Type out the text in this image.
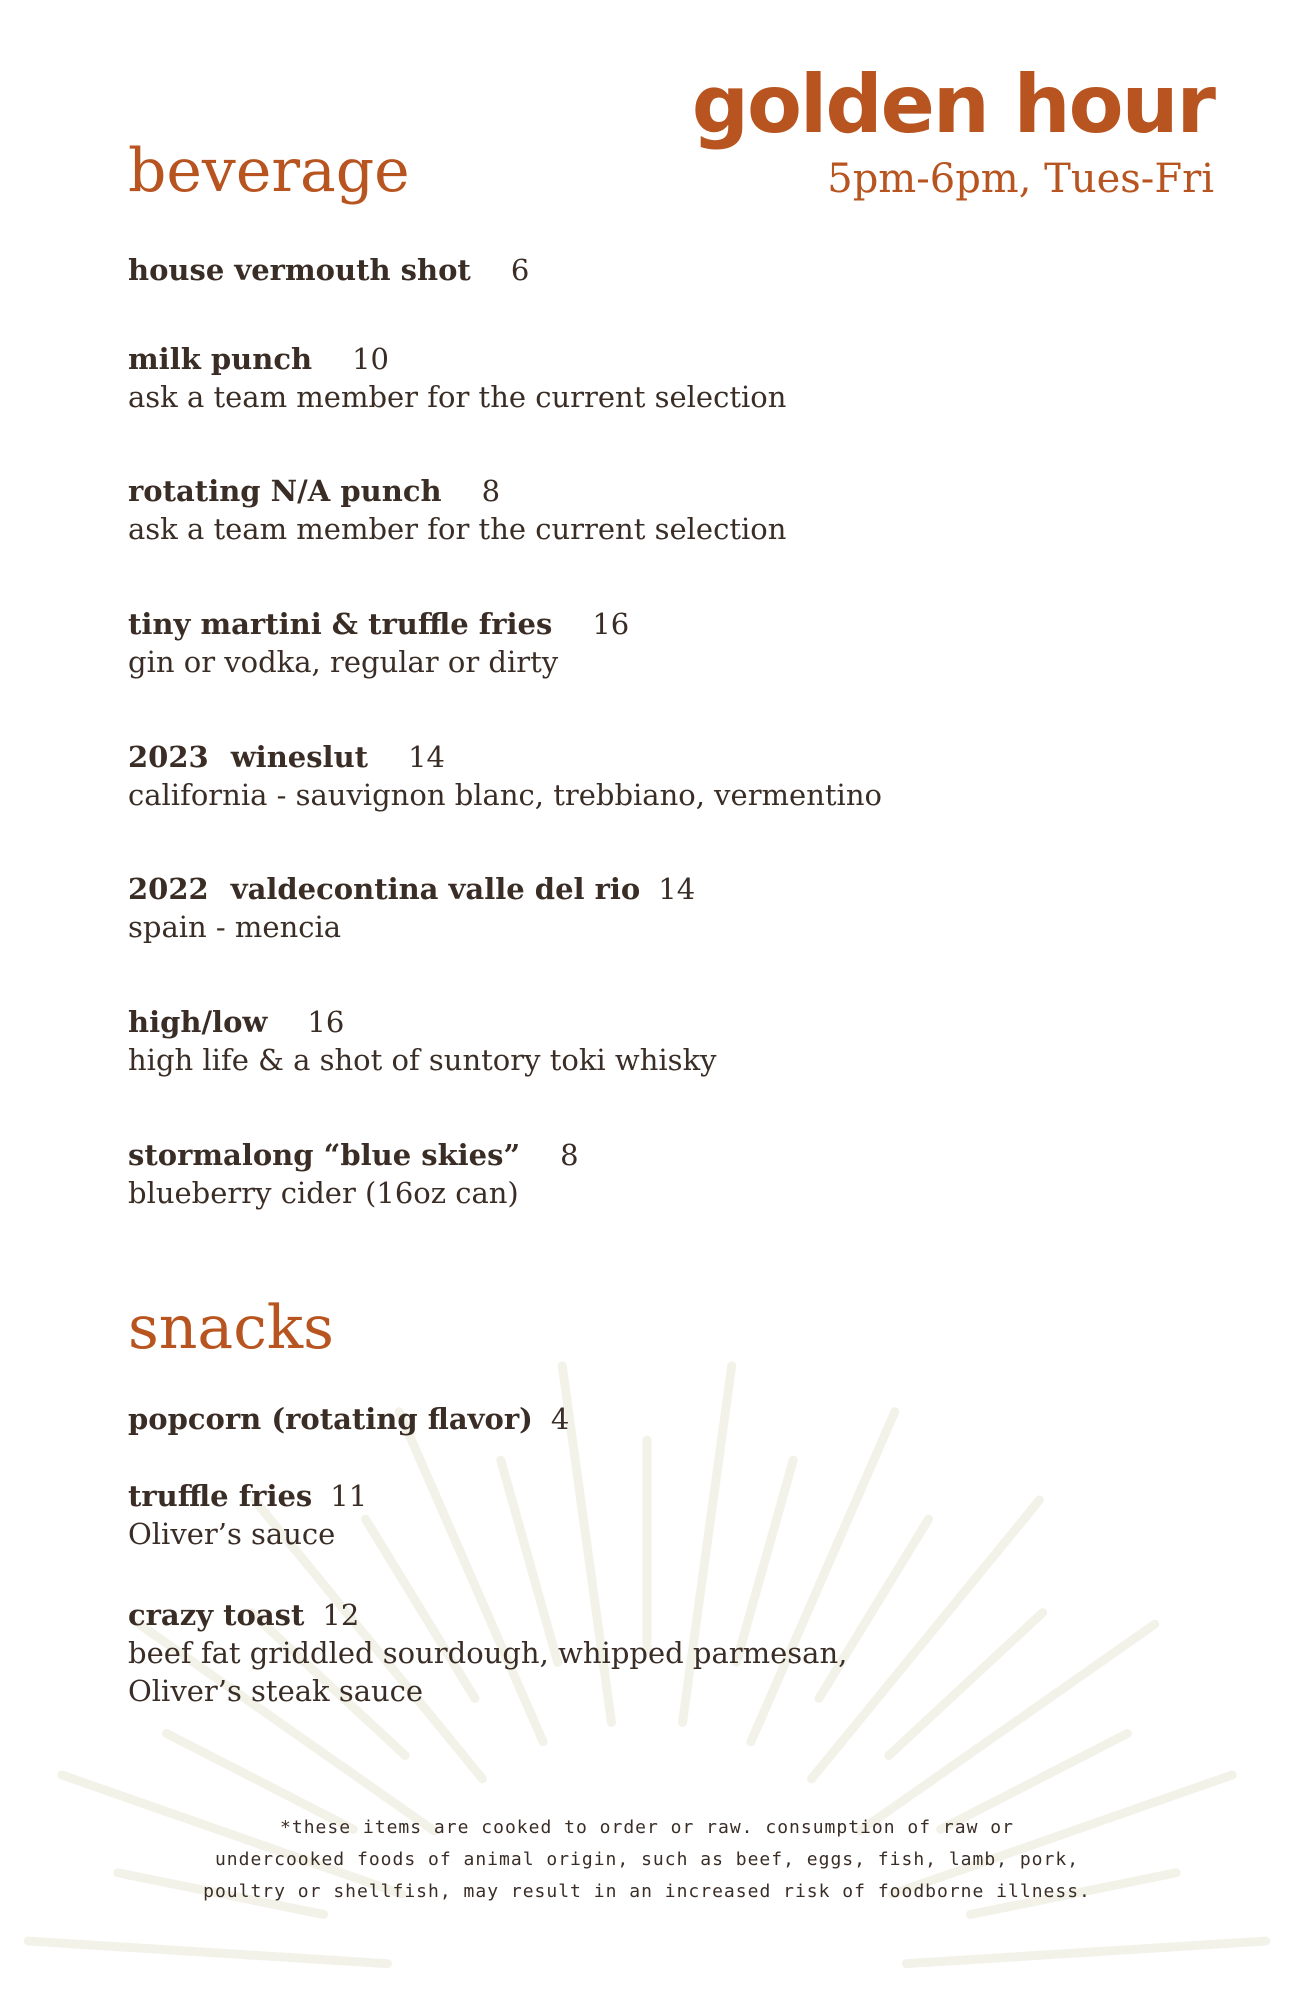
golden hour
5pm-6pm, Tues-Fri
beverage
house vermouth shot 6
milk punch 10
ask a team member for the current selection
rotating N/A punch 8
ask a team member for the current selection
tiny martini & truffle fries 16
gin or vodka, regular or dirty
2023 wineslut 14
california - sauvignon blanc, trebbiano, vermentino
2022 valdecontina valle del rio 14
spain - mencia
high/low 16
high life & a shot of suntory toki whisky
stormalong “blue skies” 8
blueberry cider (16oz can)
snacks
popcorn (rotating flavor) 4
truffle fries 11
Oliver’s sauce
crazy toast 12
beef fat griddled sourdough, whipped parmesan,
Oliver’s steak sauce
*these items are cooked to order or raw. consumption of raw or
undercooked foods of animal origin, such as beef, eggs, fish, lamb, pork,
poultry or shellfish, may result in an increased risk of foodborne illness.
